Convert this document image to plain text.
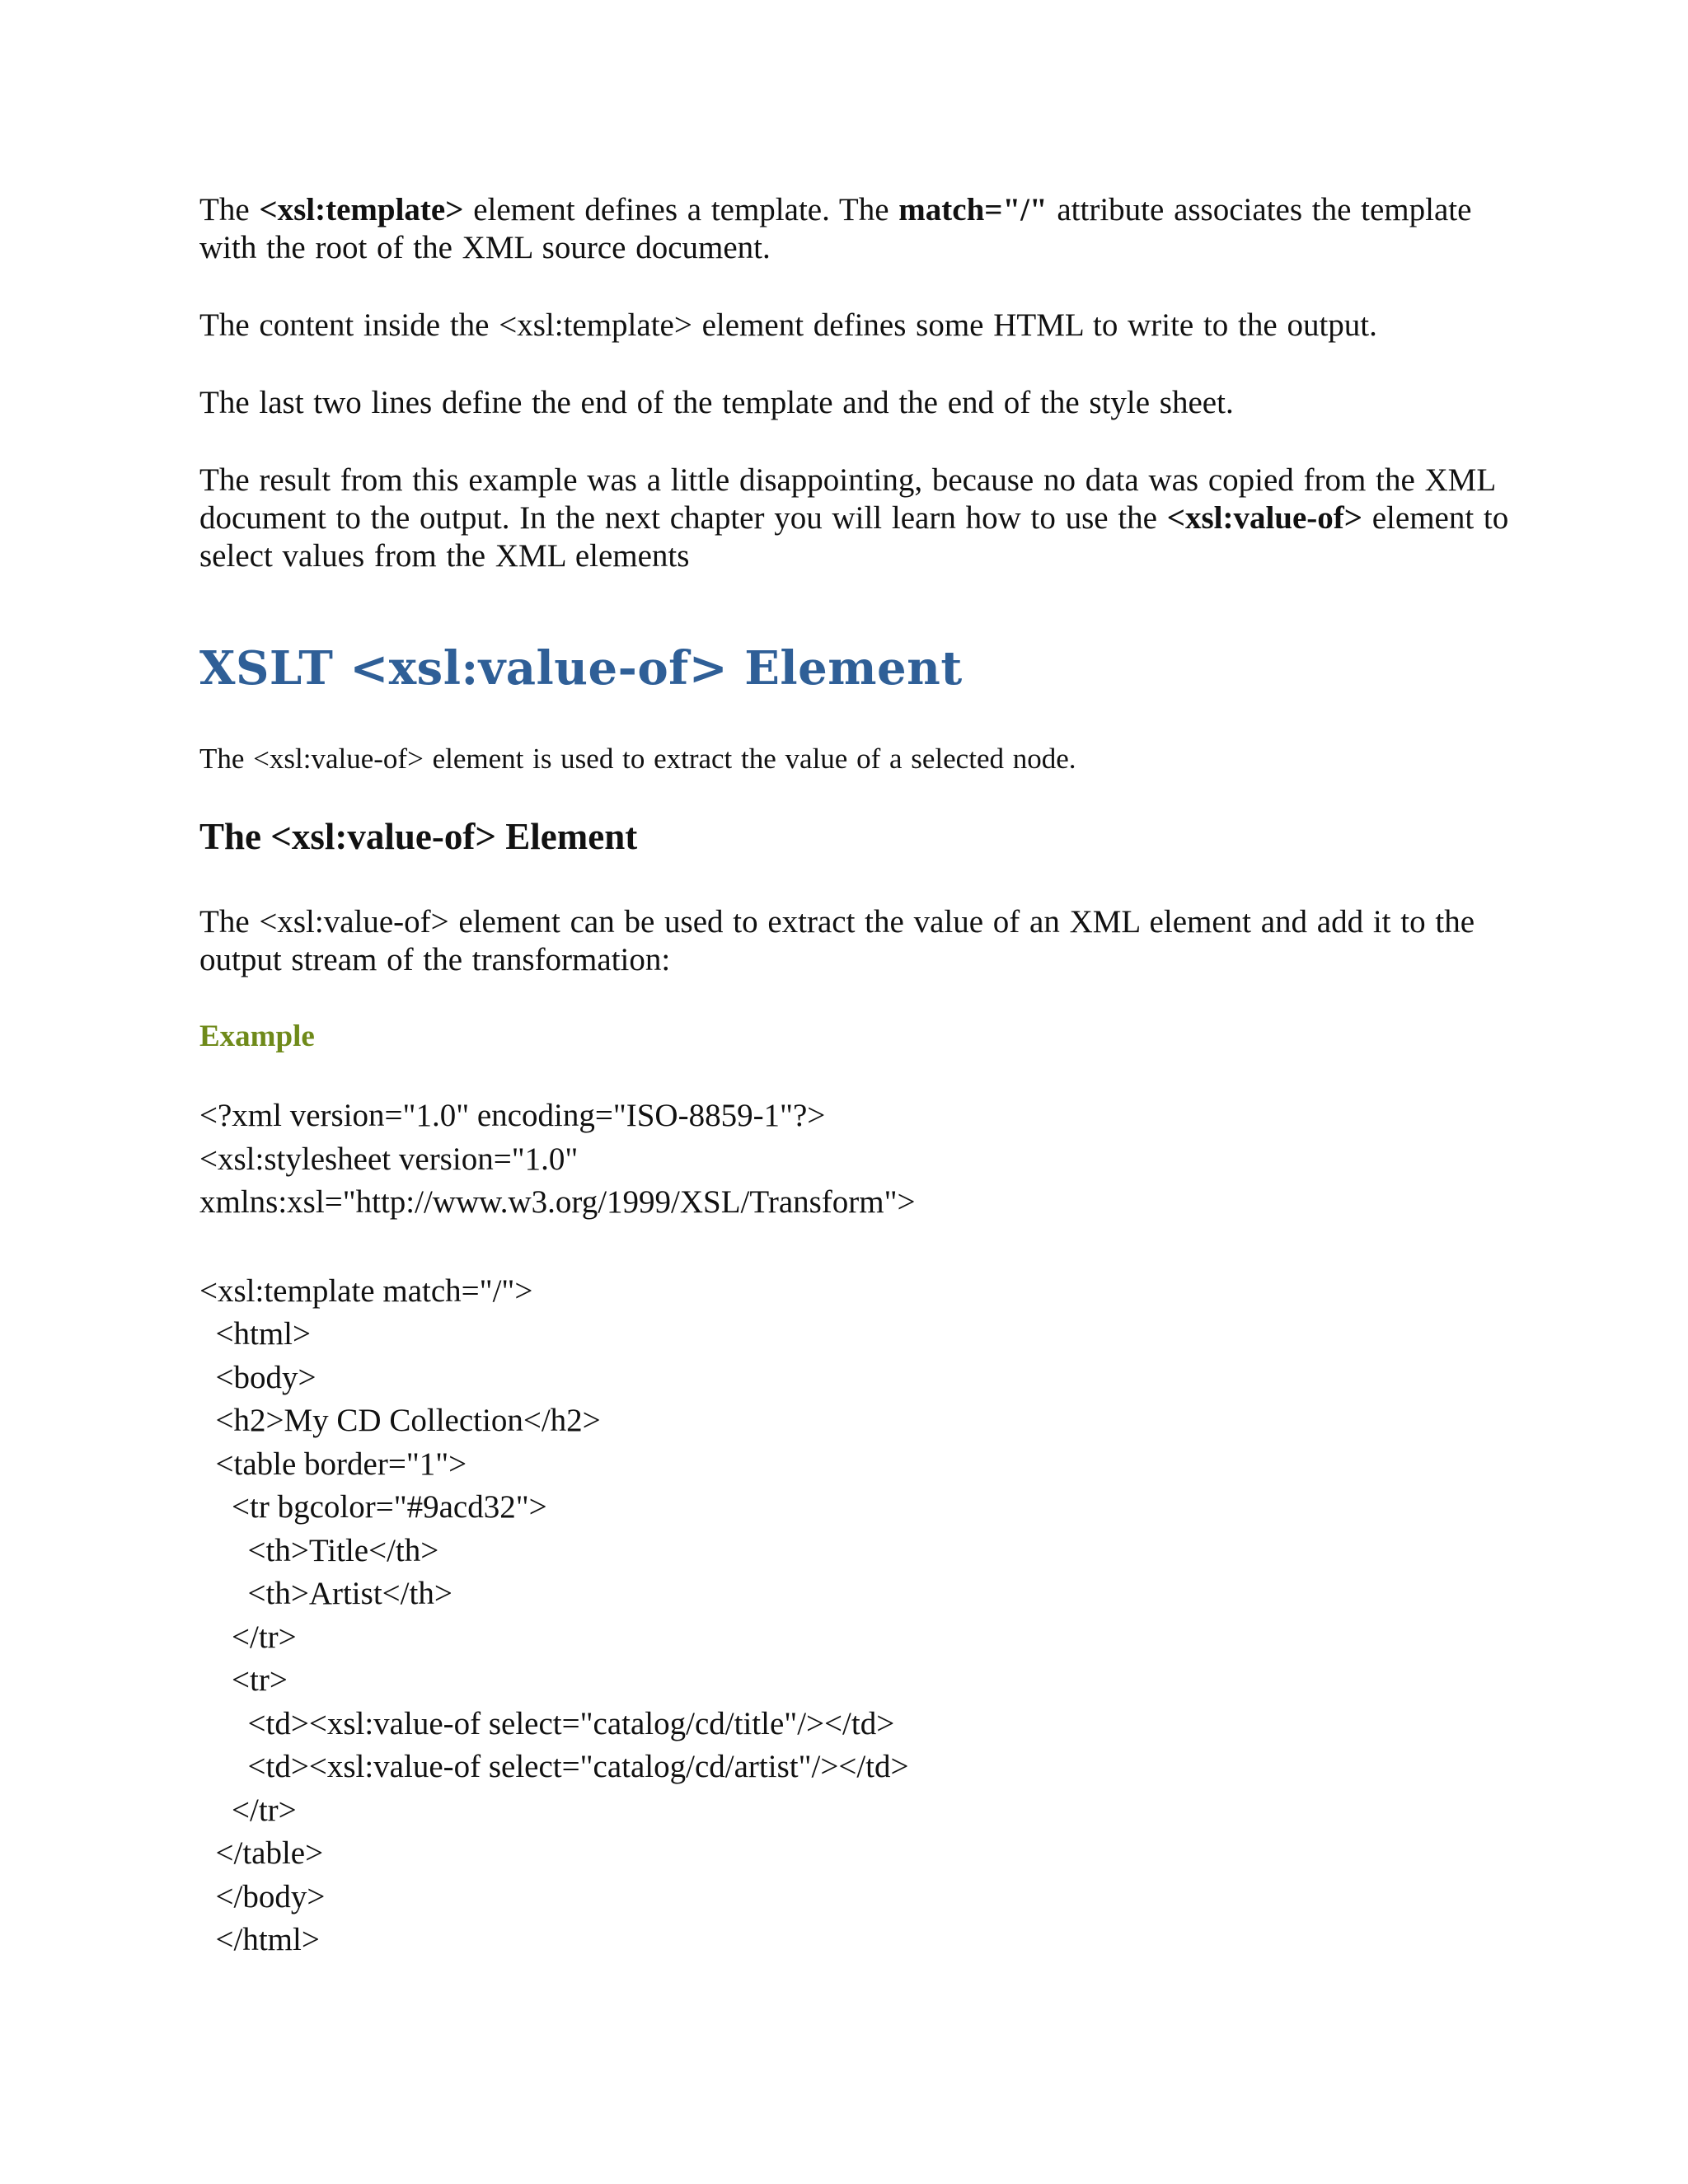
The <xsl:template> element defines a template. The match="/" attribute associates the template with the root of the XML source document.

The content inside the <xsl:template> element defines some HTML to write to the output.

The last two lines define the end of the template and the end of the style sheet.

The result from this example was a little disappointing, because no data was copied from the XML document to the output. In the next chapter you will learn how to use the <xsl:value-of> element to select values from the XML elements

XSLT <xsl:value-of> Element

The <xsl:value-of> element is used to extract the value of a selected node.

The <xsl:value-of> Element

The <xsl:value-of> element can be used to extract the value of an XML element and add it to the output stream of the transformation:

Example
<?xml version="1.0" encoding="ISO-8859-1"?>
<xsl:stylesheet version="1.0"
xmlns:xsl="http://www.w3.org/1999/XSL/Transform">
<xsl:template match="/">
<html>
<body>
<h2>My CD Collection</h2>
<table border="1">
<tr bgcolor="#9acd32">
<th>Title</th>
<th>Artist</th>
</tr>
<tr>
<td><xsl:value-of select="catalog/cd/title"/></td>
<td><xsl:value-of select="catalog/cd/artist"/></td>
</tr>
</table>
</body>
</html>
